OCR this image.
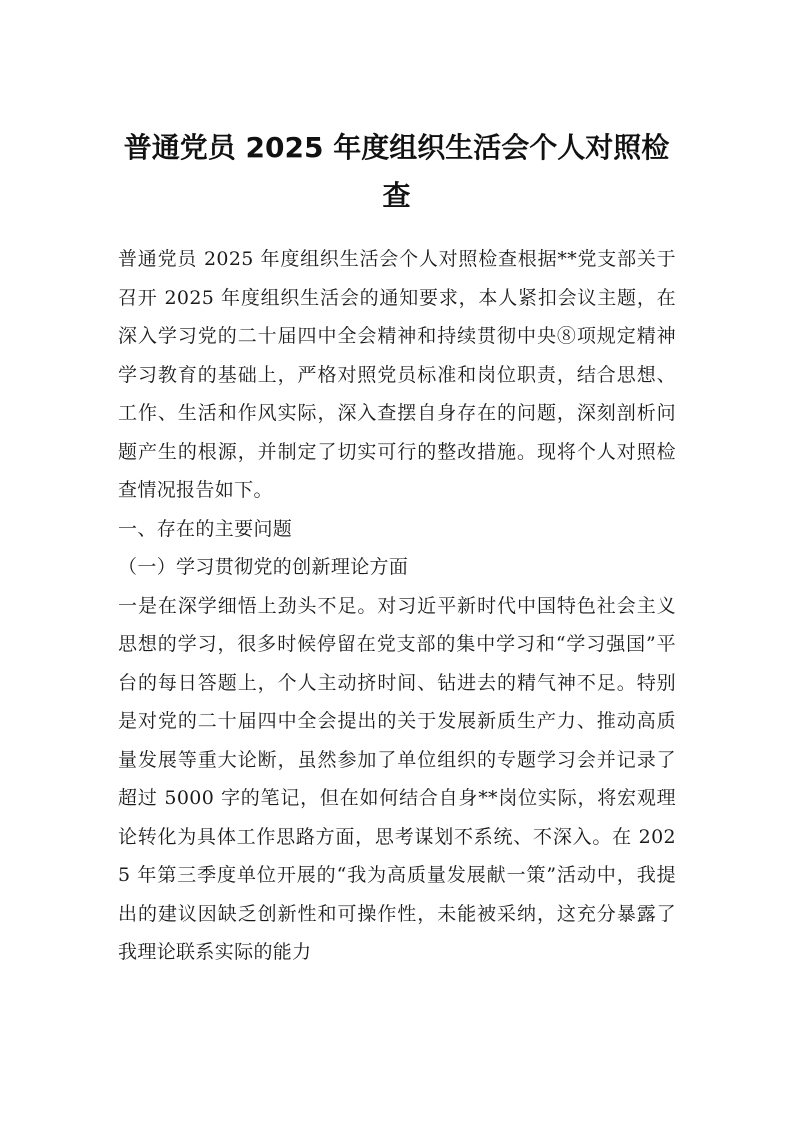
普通党员 2025 年度组织生活会个人对照检查

普通党员 2025 年度组织生活会个人对照检查根据**党支部关于召开 2025 年度组织生活会的通知要求，本人紧扣会议主题，在深入学习党的二十届四中全会精神和持续贯彻中央⑧项规定精神学习教育的基础上，严格对照党员标准和岗位职责，结合思想、工作、生活和作风实际，深入查摆自身存在的问题，深刻剖析问题产生的根源，并制定了切实可行的整改措施。现将个人对照检查情况报告如下。

一、存在的主要问题

（一）学习贯彻党的创新理论方面

一是在深学细悟上劲头不足。对习近平新时代中国特色社会主义思想的学习，很多时候停留在党支部的集中学习和“学习强国”平台的每日答题上，个人主动挤时间、钻进去的精气神不足。特别是对党的二十届四中全会提出的关于发展新质生产力、推动高质量发展等重大论断，虽然参加了单位组织的专题学习会并记录了超过 5000 字的笔记，但在如何结合自身**岗位实际，将宏观理论转化为具体工作思路方面，思考谋划不系统、不深入。在 2025 年第三季度单位开展的“我为高质量发展献一策”活动中，我提出的建议因缺乏创新性和可操作性，未能被采纳，这充分暴露了我理论联系实际的能力
